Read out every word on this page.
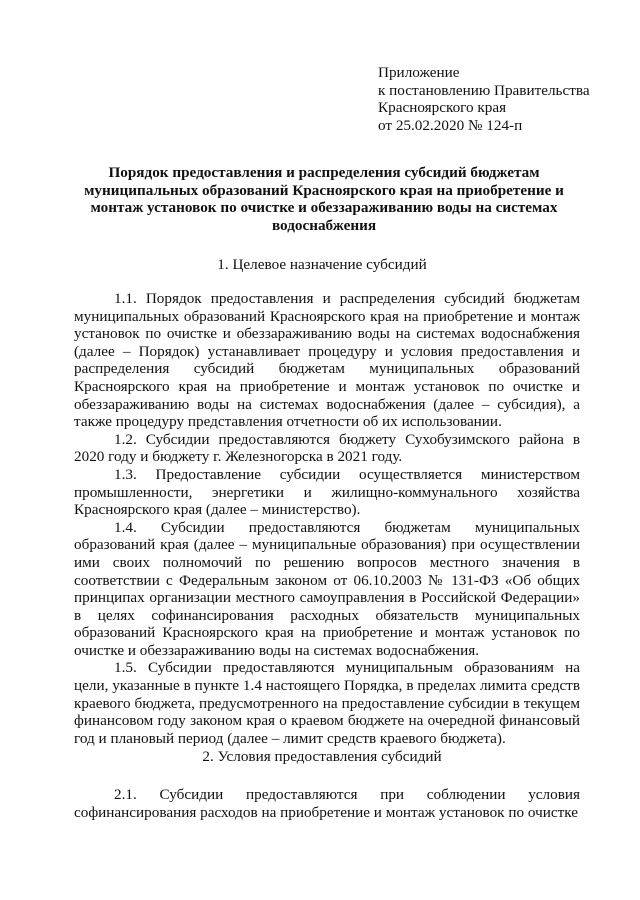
Приложение
к постановлению Правительства
Красноярского края
от 25.02.2020 № 124-п
Порядок предоставления и распределения субсидий бюджетам
муниципальных образований Красноярского края на приобретение и
монтаж установок по очистке и обеззараживанию воды на системах
водоснабжения
1. Целевое назначение субсидий

1.1. Порядок предоставления и распределения субсидий бюджетам муниципальных образований Красноярского края на приобретение и монтаж установок по очистке и обеззараживанию воды на системах водоснабжения (далее – Порядок) устанавливает процедуру и условия предоставления и распределения субсидий бюджетам муниципальных образований Красноярского края на приобретение и монтаж установок по очистке и обеззараживанию воды на системах водоснабжения (далее – субсидия), а также процедуру представления отчетности об их использовании.

1.2. Субсидии предоставляются бюджету Сухобузимского района в 2020 году и бюджету г. Железногорска в 2021 году.

1.3. Предоставление субсидии осуществляется министерством промышленности, энергетики и жилищно-коммунального хозяйства Красноярского края (далее – министерство).

1.4. Субсидии предоставляются бюджетам муниципальных образований края (далее – муниципальные образования) при осуществлении ими своих полномочий по решению вопросов местного значения в соответствии с Федеральным законом от 06.10.2003 № 131-ФЗ «Об общих принципах организации местного самоуправления в Российской Федерации» в целях софинансирования расходных обязательств муниципальных образований Красноярского края на приобретение и монтаж установок по очистке и обеззараживанию воды на системах водоснабжения.

1.5. Субсидии предоставляются муниципальным образованиям на цели, указанные в пункте 1.4 настоящего Порядка, в пределах лимита средств краевого бюджета, предусмотренного на предоставление субсидии в текущем финансовом году законом края о краевом бюджете на очередной финансовый год и плановый период (далее – лимит средств краевого бюджета).

2. Условия предоставления субсидий

2.1. Субсидии предоставляются при соблюдении условия софинансирования расходов на приобретение и монтаж установок по очистке
